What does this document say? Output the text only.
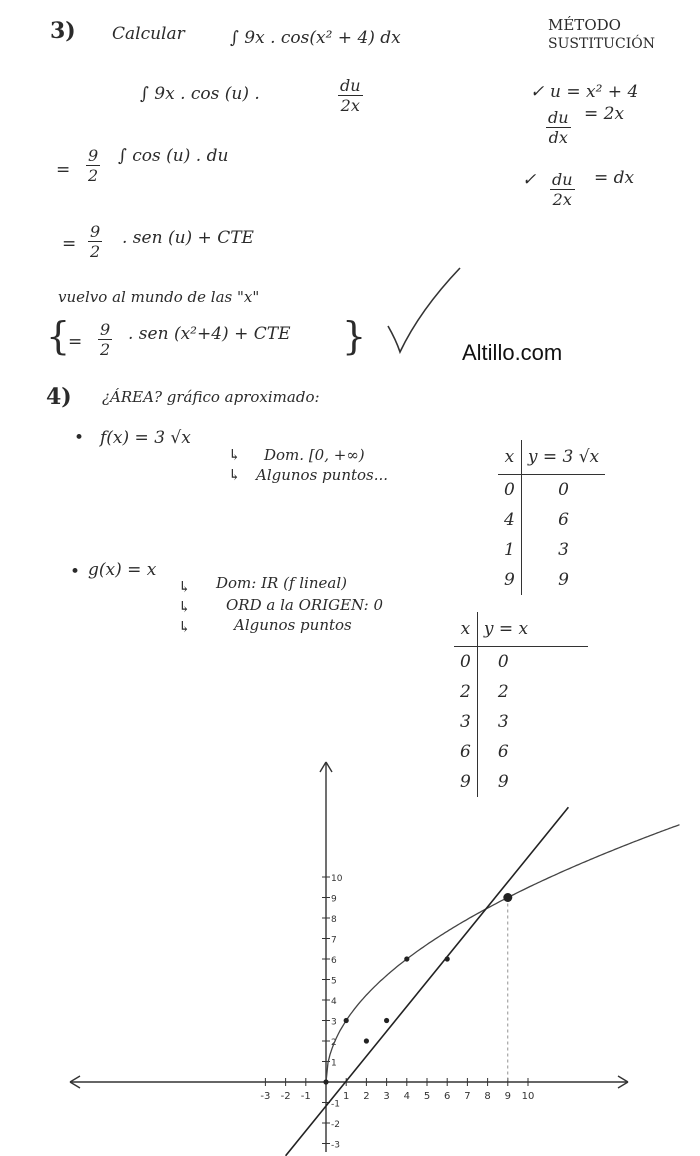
3) Calcular	∫ 9x . cos(x² + 4) dx
∫ 9x . cos (u) .	$\frac{du}{2x}$
= $\frac{9}{2}$ ∫ cos (u) . du
= $\frac{9}{2}$ . sen (u) + CTE
vuelvo al mundo de las "x"
{
= $\frac{9}{2}$ . sen (x²+4) + CTE }
MÉTODO
SUSTITUCIÓN
✓ u = x² + 4
$\frac{du}{dx} = 2x$
✓ $\frac{du}{2x}$ = dx
Altillo.com
4) ¿ÁREA? gráfico aproximado:
• f(x) = 3 √x
↳ Dom. [0, +∞)
↳ Algunos puntos...
• g(x) = x
↳ Dom: IR (f lineal)
↳ ORD a la ORIGEN: 0
↳	Algunos puntos
x	y = 3 √x
0	0
4	6
1	3
9	9
x	y = x
0	0
2	2
3	3
6	6
9	9
-3 -2 -1	1 2 3 4 5 6 7 8 9 10
1
2
3
4
5
6
7
8
9
10
-1
-2
-3
